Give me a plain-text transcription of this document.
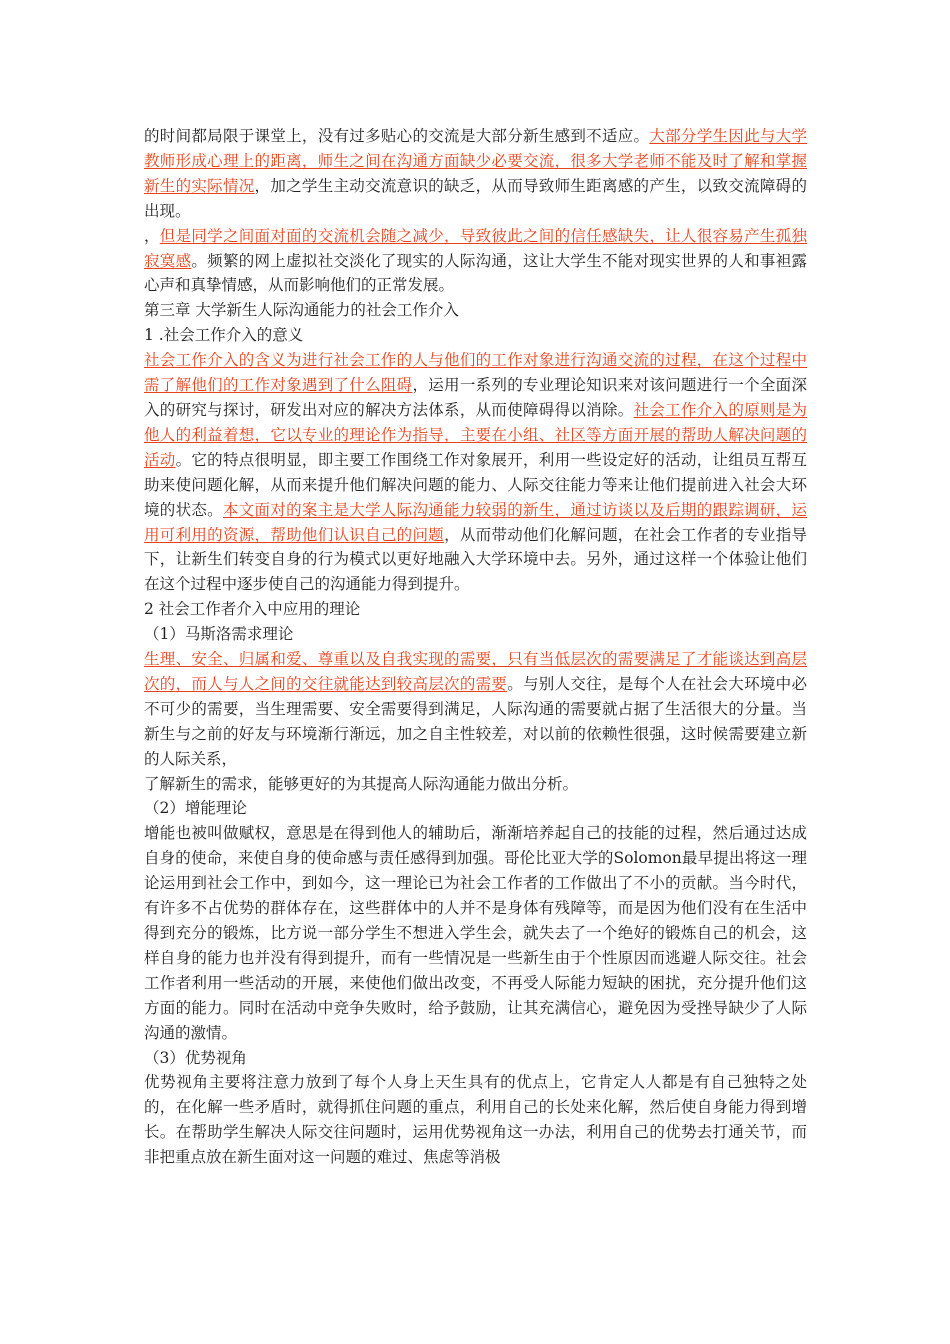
的时间都局限于课堂上，没有过多贴心的交流是大部分新生感到不适应。大部分学生因此与大学教师形成心理上的距离，师生之间在沟通方面缺少必要交流，很多大学老师不能及时了解和掌握新生的实际情况，加之学生主动交流意识的缺乏，从而导致师生距离感的产生，以致交流障碍的出现。

，但是同学之间面对面的交流机会随之减少，导致彼此之间的信任感缺失，让人很容易产生孤独寂寞感。频繁的网上虚拟社交淡化了现实的人际沟通，这让大学生不能对现实世界的人和事袒露心声和真挚情感，从而影响他们的正常发展。

第三章 大学新生人际沟通能力的社会工作介入

1 .社会工作介入的意义

社会工作介入的含义为进行社会工作的人与他们的工作对象进行沟通交流的过程，在这个过程中需了解他们的工作对象遇到了什么阻碍，运用一系列的专业理论知识来对该问题进行一个全面深入的研究与探讨，研发出对应的解决方法体系，从而使障碍得以消除。社会工作介入的原则是为他人的利益着想，它以专业的理论作为指导，主要在小组、社区等方面开展的帮助人解决问题的活动。它的特点很明显，即主要工作围绕工作对象展开，利用一些设定好的活动，让组员互帮互助来使问题化解，从而来提升他们解决问题的能力、人际交往能力等来让他们提前进入社会大环境的状态。本文面对的案主是大学人际沟通能力较弱的新生，通过访谈以及后期的跟踪调研，运用可利用的资源，帮助他们认识自己的问题，从而带动他们化解问题，在社会工作者的专业指导下，让新生们转变自身的行为模式以更好地融入大学环境中去。另外，通过这样一个体验让他们在这个过程中逐步使自己的沟通能力得到提升。

2 社会工作者介入中应用的理论

（1）马斯洛需求理论

生理、安全、归属和爱、尊重以及自我实现的需要，只有当低层次的需要满足了才能谈达到高层次的，而人与人之间的交往就能达到较高层次的需要。与别人交往，是每个人在社会大环境中必不可少的需要，当生理需要、安全需要得到满足，人际沟通的需要就占据了生活很大的分量。当新生与之前的好友与环境渐行渐远，加之自主性较差，对以前的依赖性很强，这时候需要建立新的人际关系，

了解新生的需求，能够更好的为其提高人际沟通能力做出分析。

（2）增能理论

增能也被叫做赋权，意思是在得到他人的辅助后，渐渐培养起自己的技能的过程，然后通过达成自身的使命，来使自身的使命感与责任感得到加强。哥伦比亚大学的Solomon最早提出将这一理论运用到社会工作中，到如今，这一理论已为社会工作者的工作做出了不小的贡献。当今时代，有许多不占优势的群体存在，这些群体中的人并不是身体有残障等，而是因为他们没有在生活中得到充分的锻炼，比方说一部分学生不想进入学生会，就失去了一个绝好的锻炼自己的机会，这样自身的能力也并没有得到提升，而有一些情况是一些新生由于个性原因而逃避人际交往。社会工作者利用一些活动的开展，来使他们做出改变，不再受人际能力短缺的困扰，充分提升他们这方面的能力。同时在活动中竞争失败时，给予鼓励，让其充满信心，避免因为受挫导缺少了人际沟通的激情。

（3）优势视角

优势视角主要将注意力放到了每个人身上天生具有的优点上，它肯定人人都是有自己独特之处的，在化解一些矛盾时，就得抓住问题的重点，利用自己的长处来化解，然后使自身能力得到增长。在帮助学生解决人际交往问题时，运用优势视角这一办法，利用自己的优势去打通关节，而非把重点放在新生面对这一问题的难过、焦虑等消极
